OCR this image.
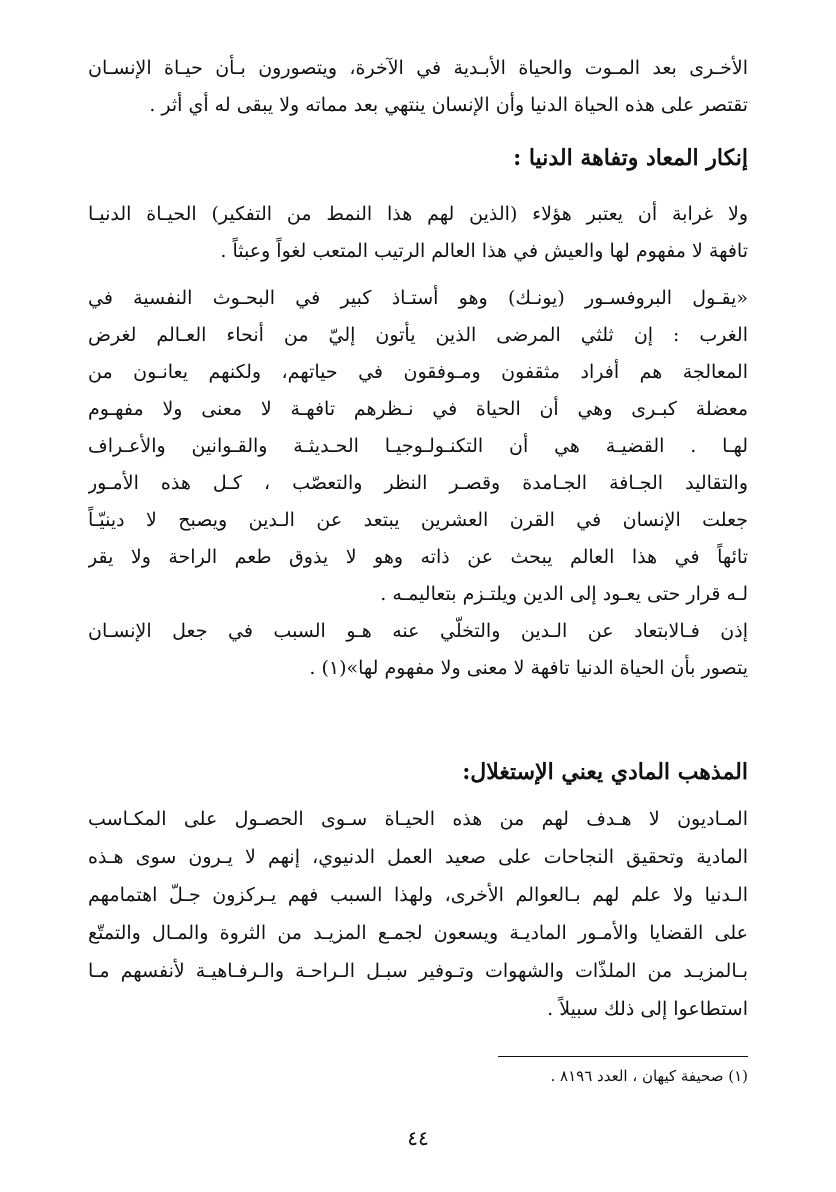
الأخـرى بعد المـوت والحياة الأبـدية في الآخرة، ويتصورون بـأن حيـاة الإنسـان
تقتصر على هذه الحياة الدنيا وأن الإنسان ينتهي بعد مماته ولا يبقى له أي أثر .
إنكار المعاد وتفاهة الدنيا :
ولا غرابة أن يعتبر هؤلاء (الذين لهم هذا النمط من التفكير) الحيـاة الدنيـا
تافهة لا مفهوم لها والعيش في هذا العالم الرتيب المتعب لغواً وعبثاً .
«يقـول البروفسـور (يونـك) وهو أستـاذ كبير في البحـوث النفسية في
الغرب : إن ثلثي المرضى الذين يأتون إليّ من أنحاء العـالم لغرض
المعالجة هم أفراد مثقفون ومـوفقون في حياتهم، ولكنهم يعانـون من
معضلة كبـرى وهي أن الحياة في نـظرهم تافهـة لا معنى ولا مفهـوم
لهـا . القضيـة هي أن التكنـولـوجيـا الحـديثـة والقـوانين والأعـراف
والتقاليد الجـافة الجـامدة وقصـر النظر والتعصّب ، كـل هذه الأمـور
جعلت الإنسان في القرن العشرين يبتعد عن الـدين ويصبح لا دينيّـاً
تائهاً في هذا العالم يبحث عن ذاته وهو لا يذوق طعم الراحة ولا يقر
لـه قرار حتى يعـود إلى الدين ويلتـزم بتعاليمـه .
إذن فـالابتعاد عن الـدين والتخلّي عنه هـو السبب في جعل الإنسـان
يتصور بأن الحياة الدنيا تافهة لا معنى ولا مفهوم لها»(١) .
المذهب المادي يعني الإستغلال:
المـاديون لا هـدف لهم من هذه الحيـاة سـوى الحصـول على المكـاسب
المادية وتحقيق النجاحات على صعيد العمل الدنيوي، إنهم لا يـرون سوى هـذه
الـدنيا ولا علم لهم بـالعوالم الأخرى، ولهذا السبب فهم يـركزون جـلّ اهتمامهم
على القضايا والأمـور الماديـة ويسعون لجمـع المزيـد من الثروة والمـال والتمتّع
بـالمزيـد من الملذّات والشهوات وتـوفير سبـل الـراحـة والـرفـاهيـة لأنفسهم مـا
استطاعوا إلى ذلك سبيلاً .
(١) صحيفة كيهان ، العدد ٨١٩٦ .
٤٤
